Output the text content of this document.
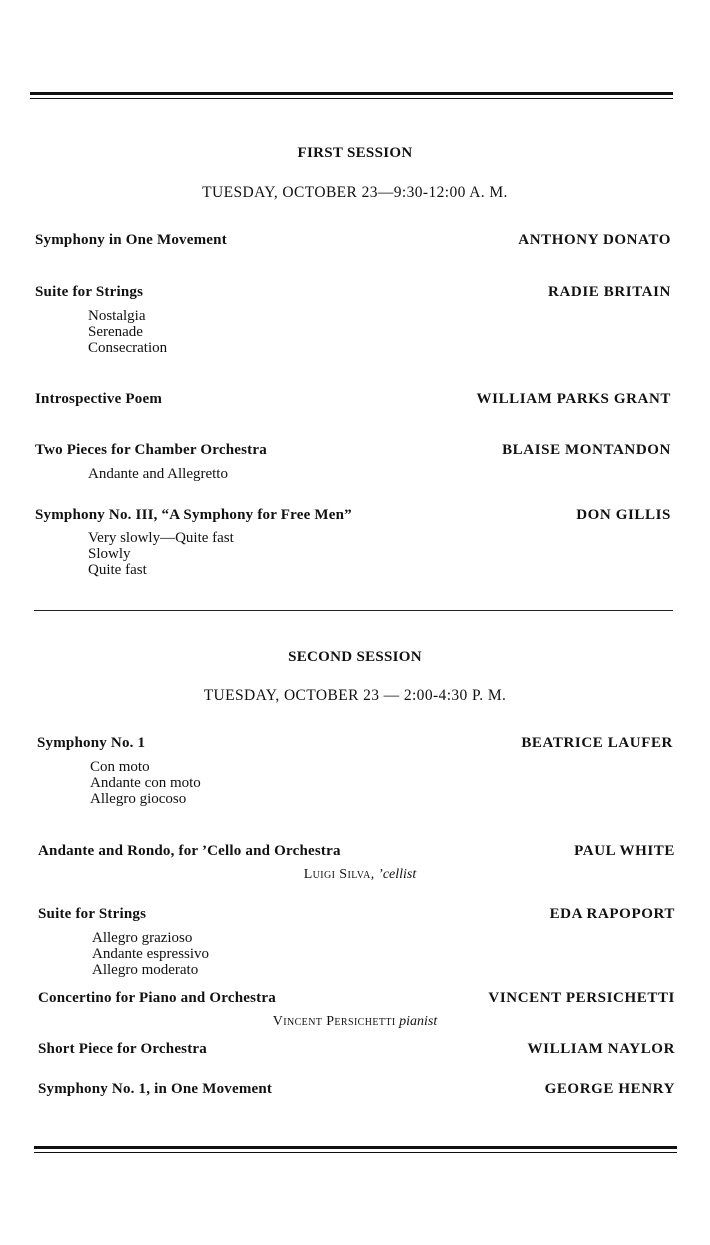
FIRST SESSION
TUESDAY, OCTOBER 23—9:30-12:00 A. M.
Symphony in One Movement	ANTHONY DONATO
Suite for Strings	RADIE BRITAIN
Nostalgia
Serenade
Consecration
Introspective Poem	WILLIAM PARKS GRANT
Two Pieces for Chamber Orchestra	BLAISE MONTANDON
Andante and Allegretto
Symphony No. III, “A Symphony for Free Men”	DON GILLIS
Very slowly—Quite fast
Slowly
Quite fast
SECOND SESSION
TUESDAY, OCTOBER 23 — 2:00-4:30 P. M.
Symphony No. 1	BEATRICE LAUFER
Con moto
Andante con moto
Allegro giocoso
Andante and Rondo, for ’Cello and Orchestra	PAUL WHITE
Luigi Silva, ’cellist
Suite for Strings	EDA RAPOPORT
Allegro grazioso
Andante espressivo
Allegro moderato
Concertino for Piano and Orchestra	VINCENT PERSICHETTI
Vincent Persichetti pianist
Short Piece for Orchestra	WILLIAM NAYLOR
Symphony No. 1, in One Movement	GEORGE HENRY
